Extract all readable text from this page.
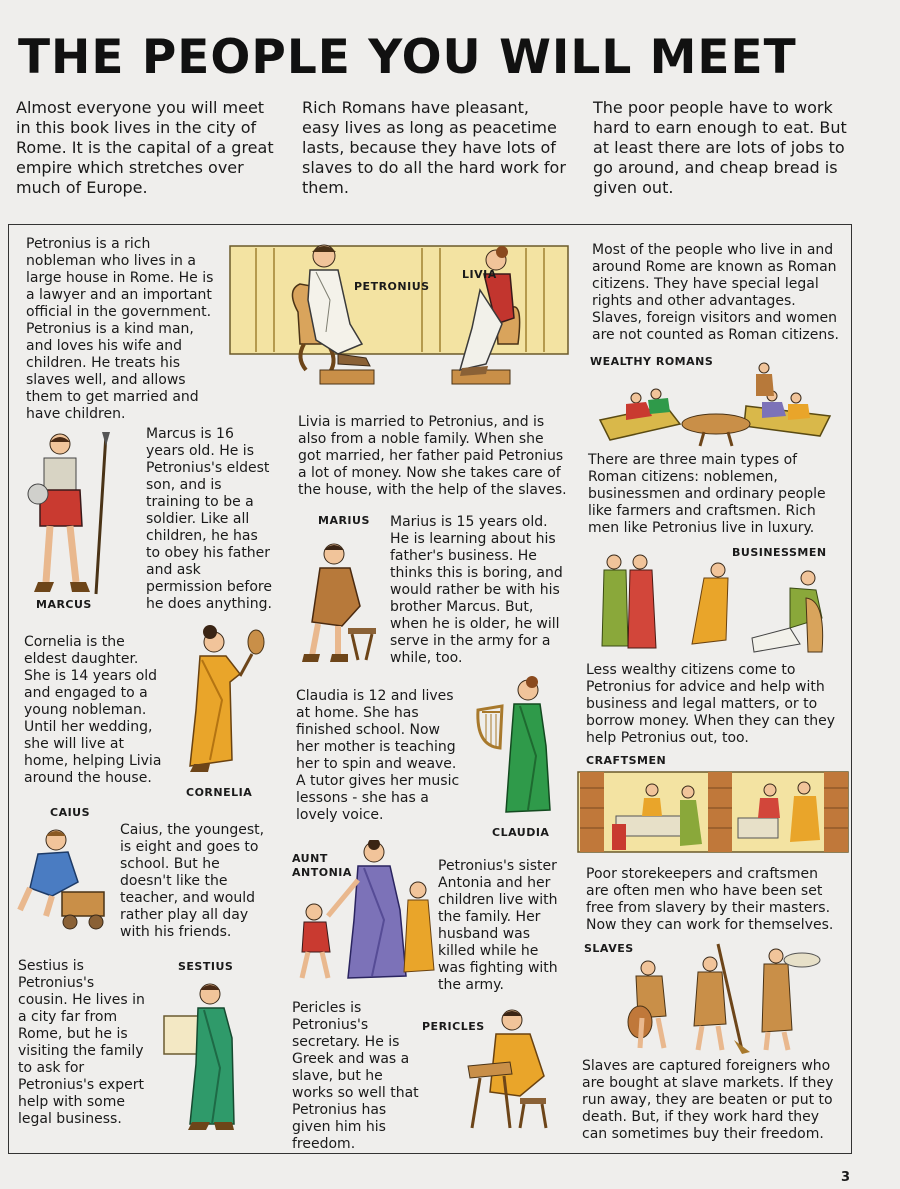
THE PEOPLE YOU WILL MEET

Almost everyone you will meet in this book lives in the city of Rome. It is the capital of a great empire which stretches over much of Europe.

Rich Romans have pleasant, easy lives as long as peacetime lasts, because they have lots of slaves to do all the hard work for them.

The poor people have to work hard to earn enough to eat. But at least there are lots of jobs to go around, and cheap bread is given out.

Petronius is a rich nobleman who lives in a large house in Rome. He is a lawyer and an important official in the government. Petronius is a kind man, and loves his wife and children. He treats his slaves well, and allows them to get married and have children.

PETRONIUS

LIVIA

Livia is married to Petronius, and is also from a noble family. When she got married, her father paid Petronius a lot of money. Now she takes care of the house, with the help of the slaves.

MARCUS

Marcus is 16 years old. He is Petronius's eldest son, and is training to be a soldier. Like all children, he has to obey his father and ask permission before he does anything.

Cornelia is the eldest daughter. She is 14 years old and engaged to a young nobleman. Until her wedding, she will live at home, helping Livia around the house.

CORNELIA

CAIUS

Caius, the youngest, is eight and goes to school. But he doesn't like the teacher, and would rather play all day with his friends.

Sestius is Petronius's cousin. He lives in a city far from Rome, but he is visiting the family to ask for Petronius's expert help with some legal business.

SESTIUS

MARIUS Marius is 15 years old. He is learning about his father's business. He thinks this is boring, and would rather be with his brother Marcus. But, when he is older, he will serve in the army for a while, too.

Claudia is 12 and lives at home. She has finished school. Now her mother is teaching her to spin and weave. A tutor gives her music lessons - she has a lovely voice.

CLAUDIA

AUNT

ANTONIA	Petronius's sister Antonia and her children live with the family. Her husband was killed while he was fighting with the army.

Pericles is Petronius's secretary. He is Greek and was a slave, but he works so well that Petronius has given him his freedom.

PERICLES

Most of the people who live in and around Rome are known as Roman citizens. They have special legal rights and other advantages. Slaves, foreign visitors and women are not counted as Roman citizens.

WEALTHY ROMANS

There are three main types of Roman citizens: noblemen, businessmen and ordinary people like farmers and craftsmen. Rich men like Petronius live in luxury.

BUSINESSMEN

Less wealthy citizens come to Petronius for advice and help with business and legal matters, or to borrow money. When they can they help Petronius out, too.

CRAFTSMEN

Poor storekeepers and craftsmen are often men who have been set free from slavery by their masters. Now they can work for themselves.

SLAVES

Slaves are captured foreigners who are bought at slave markets. If they run away, they are beaten or put to death. But, if they work hard they can sometimes buy their freedom.

3
